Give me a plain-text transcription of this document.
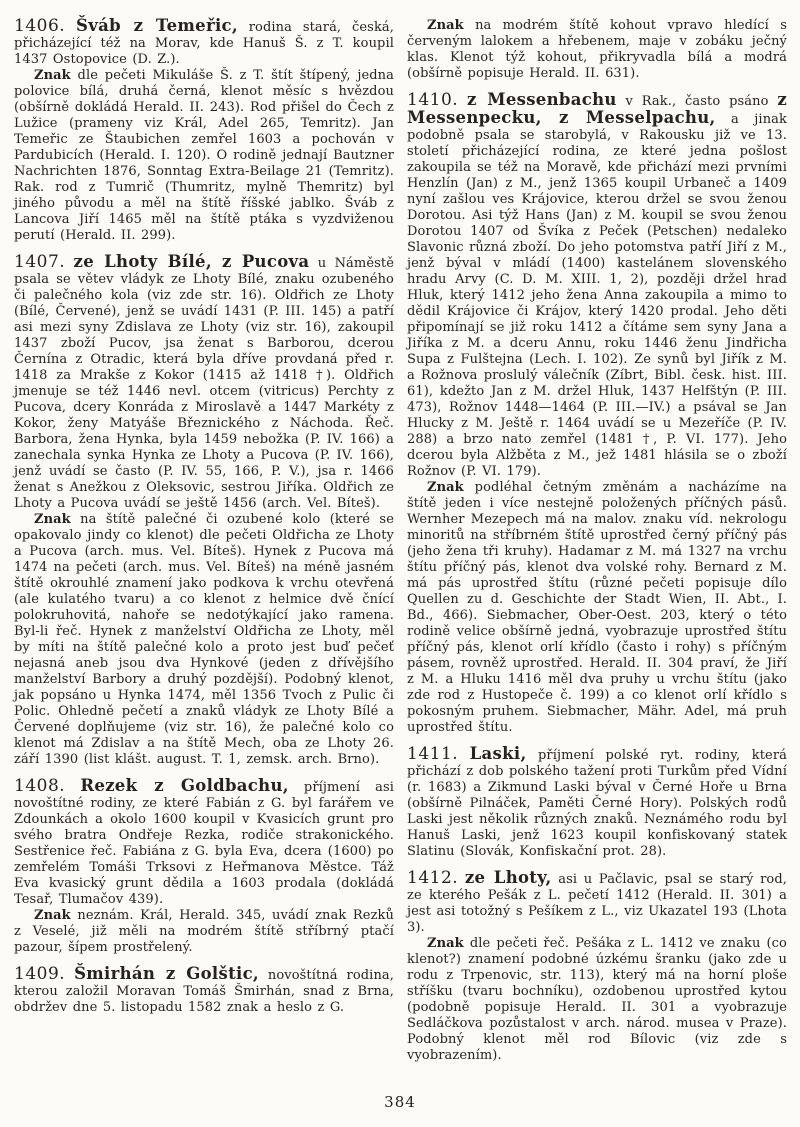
1406. Šváb z Temeřic, rodina stará, česká, přicházející též na Morav, kde Hanuš Š. z T. koupil 1437 Ostopovice (D. Z.).

Znak dle pečeti Mikuláše Š. z T. štít štípený, jedna polovice bílá, druhá černá, klenot měsíc s hvězdou (obšírně dokládá Herald. II. 243). Rod přišel do Čech z Lužice (prameny viz Král, Adel 265, Temritz). Jan Temeřic ze Štaubichen zemřel 1603 a pochován v Pardubicích (Herald. I. 120). O rodině jednají Bautzner Nachrichten 1876, Sonntag Extra-Beilage 21 (Temritz). Rak. rod z Tumrič (Thumritz, mylně Themritz) byl jiného původu a měl na štítě říšské jablko. Šváb z Lancova Jiří 1465 měl na štítě ptáka s vyzdviženou perutí (Herald. II. 299).

1407. ze Lhoty Bílé, z Pucova u Náměstě psala se větev vládyk ze Lhoty Bílé, znaku ozubeného či palečného kola (viz zde str. 16). Oldřich ze Lhoty (Bílé, Červené), jenž se uvádí 1431 (P. III. 145) a patří asi mezi syny Zdislava ze Lhoty (viz str. 16), zakoupil 1437 zboží Pucov, jsa ženat s Barborou, dcerou Černína z Otradic, která byla dříve provdaná před r. 1418 za Mrakše z Kokor (1415 až 1418 †). Oldřich jmenuje se též 1446 nevl. otcem (vitricus) Perchty z Pucova, dcery Konráda z Miroslavě a 1447 Markéty z Kokor, ženy Matyáše Březnického z Náchoda. Řeč. Barbora, žena Hynka, byla 1459 nebožka (P. IV. 166) a zanechala synka Hynka ze Lhoty a Pucova (P. IV. 166), jenž uvádí se často (P. IV. 55, 166, P. V.), jsa r. 1466 ženat s Anežkou z Oleksovic, sestrou Jiříka. Oldřich ze Lhoty a Pucova uvádí se ještě 1456 (arch. Vel. Bíteš).

Znak na štítě palečné či ozubené kolo (které se opakovalo jindy co klenot) dle pečeti Oldřicha ze Lhoty a Pucova (arch. mus. Vel. Bíteš). Hynek z Pucova má 1474 na pečeti (arch. mus. Vel. Bíteš) na méně jasném štítě okrouhlé znamení jako podkova k vrchu otevřená (ale kulatého tvaru) a co klenot z helmice dvě čnící polokruhovitá, nahoře se nedotýkající jako ramena. Byl-li řeč. Hynek z manželství Oldřicha ze Lhoty, měl by míti na štítě palečné kolo a proto jest buď pečeť nejasná aneb jsou dva Hynkové (jeden z dřívějšího manželství Barbory a druhý pozdější). Podobný klenot, jak popsáno u Hynka 1474, měl 1356 Tvoch z Pulic či Polic. Ohledně pečetí a znaků vládyk ze Lhoty Bílé a Červené doplňujeme (viz str. 16), že palečné kolo co klenot má Zdislav a na štítě Mech, oba ze Lhoty 26. září 1390 (list klášt. august. T. 1, zemsk. arch. Brno).

1408. Rezek z Goldbachu, příjmení asi novoštítné rodiny, ze které Fabián z G. byl farářem ve Zdounkách a okolo 1600 koupil v Kvasicích grunt pro svého bratra Ondřeje Rezka, rodiče strakonického. Sestřenice řeč. Fabiána z G. byla Eva, dcera (1600) po zemřelém Tomáši Trksovi z Heřmanova Městce. Táž Eva kvasický grunt dědila a 1603 prodala (dokládá Tesař, Tlumačov 439).

Znak neznám. Král, Herald. 345, uvádí znak Rezků z Veselé, již měli na modrém štítě stříbrný ptačí pazour, šípem prostřelený.

1409. Šmirhán z Golštic, novoštítná rodina, kterou založil Moravan Tomáš Šmirhán, snad z Brna, obdržev dne 5. listopadu 1582 znak a heslo z G.

Znak na modrém štítě kohout vpravo hledící s červeným lalokem a hřebenem, maje v zobáku ječný klas. Klenot týž kohout, přikryvadla bílá a modrá (obšírně popisuje Herald. II. 631).

1410. z Messenbachu v Rak., často psáno z Messenpecku, z Messelpachu, a jinak podobně psala se starobylá, v Rakousku již ve 13. století přicházející rodina, ze které jedna pošlost zakoupila se též na Moravě, kde přichází mezi prvními Henzlín (Jan) z M., jenž 1365 koupil Urbaneč a 1409 nyní zašlou ves Krájovice, kterou držel se svou ženou Dorotou. Asi týž Hans (Jan) z M. koupil se svou ženou Dorotou 1407 od Švíka z Peček (Petschen) nedaleko Slavonic různá zboží. Do jeho potomstva patří Jiří z M., jenž býval v mládí (1400) kastelánem slovenského hradu Arvy (C. D. M. XIII. 1, 2), později držel hrad Hluk, který 1412 jeho žena Anna zakoupila a mimo to dědil Krájovice či Krájov, který 1420 prodal. Jeho děti připomínají se již roku 1412 a čítáme sem syny Jana a Jiříka z M. a dceru Annu, roku 1446 ženu Jindřicha Supa z Fulštejna (Lech. I. 102). Ze synů byl Jiřík z M. a Rožnova proslulý válečník (Zíbrt, Bibl. česk. hist. III. 61), kdežto Jan z M. držel Hluk, 1437 Helfštýn (P. III. 473), Rožnov 1448—1464 (P. III.—IV.) a psával se Jan Hlucky z M. Ještě r. 1464 uvádí se u Mezeříče (P. IV. 288) a brzo nato zemřel (1481 †, P. VI. 177). Jeho dcerou byla Alžběta z M., jež 1481 hlásila se o zboží Rožnov (P. VI. 179).

Znak podléhal četným změnám a nacházíme na štítě jeden i více nestejně položených příčných pásů. Wernher Mezepech má na malov. znaku víd. nekrologu minoritů na stříbrném štítě uprostřed černý příčný pás (jeho žena tři kruhy). Hadamar z M. má 1327 na vrchu štítu příčný pás, klenot dva volské rohy. Bernard z M. má pás uprostřed štítu (různé pečeti popisuje dílo Quellen zu d. Geschichte der Stadt Wien, II. Abt., I. Bd., 466). Siebmacher, Ober-Oest. 203, který o této rodině velice obšírně jedná, vyobrazuje uprostřed štítu příčný pás, klenot orlí křídlo (často i rohy) s příčným pásem, rovněž uprostřed. Herald. II. 304 praví, že Jiří z M. a Hluku 1416 měl dva pruhy u vrchu štítu (jako zde rod z Hustopeče č. 199) a co klenot orlí křídlo s pokosným pruhem. Siebmacher, Mähr. Adel, má pruh uprostřed štítu.

1411. Laski, příjmení polské ryt. rodiny, která přichází z dob polského tažení proti Turkům před Vídní (r. 1683) a Zikmund Laski býval v Černé Hoře u Brna (obšírně Pilnáček, Paměti Černé Hory). Polských rodů Laski jest několik různých znaků. Neznámého rodu byl Hanuš Laski, jenž 1623 koupil konfiskovaný statek Slatinu (Slovák, Konfiskační prot. 28).

1412. ze Lhoty, asi u Pačlavic, psal se starý rod, ze kterého Pešák z L. pečetí 1412 (Herald. II. 301) a jest asi totožný s Pešíkem z L., viz Ukazatel 193 (Lhota 3).

Znak dle pečeti řeč. Pešáka z L. 1412 ve znaku (co klenot?) znamení podobné úzkému šranku (jako zde u rodu z Trpenovic, str. 113), který má na horní ploše stříšku (tvaru bochníku), ozdobenou uprostřed kytou (podobně popisuje Herald. II. 301 a vyobrazuje Sedláčkova pozůstalost v arch. národ. musea v Praze). Podobný klenot měl rod Bílovic (viz zde s vyobrazením).

384
